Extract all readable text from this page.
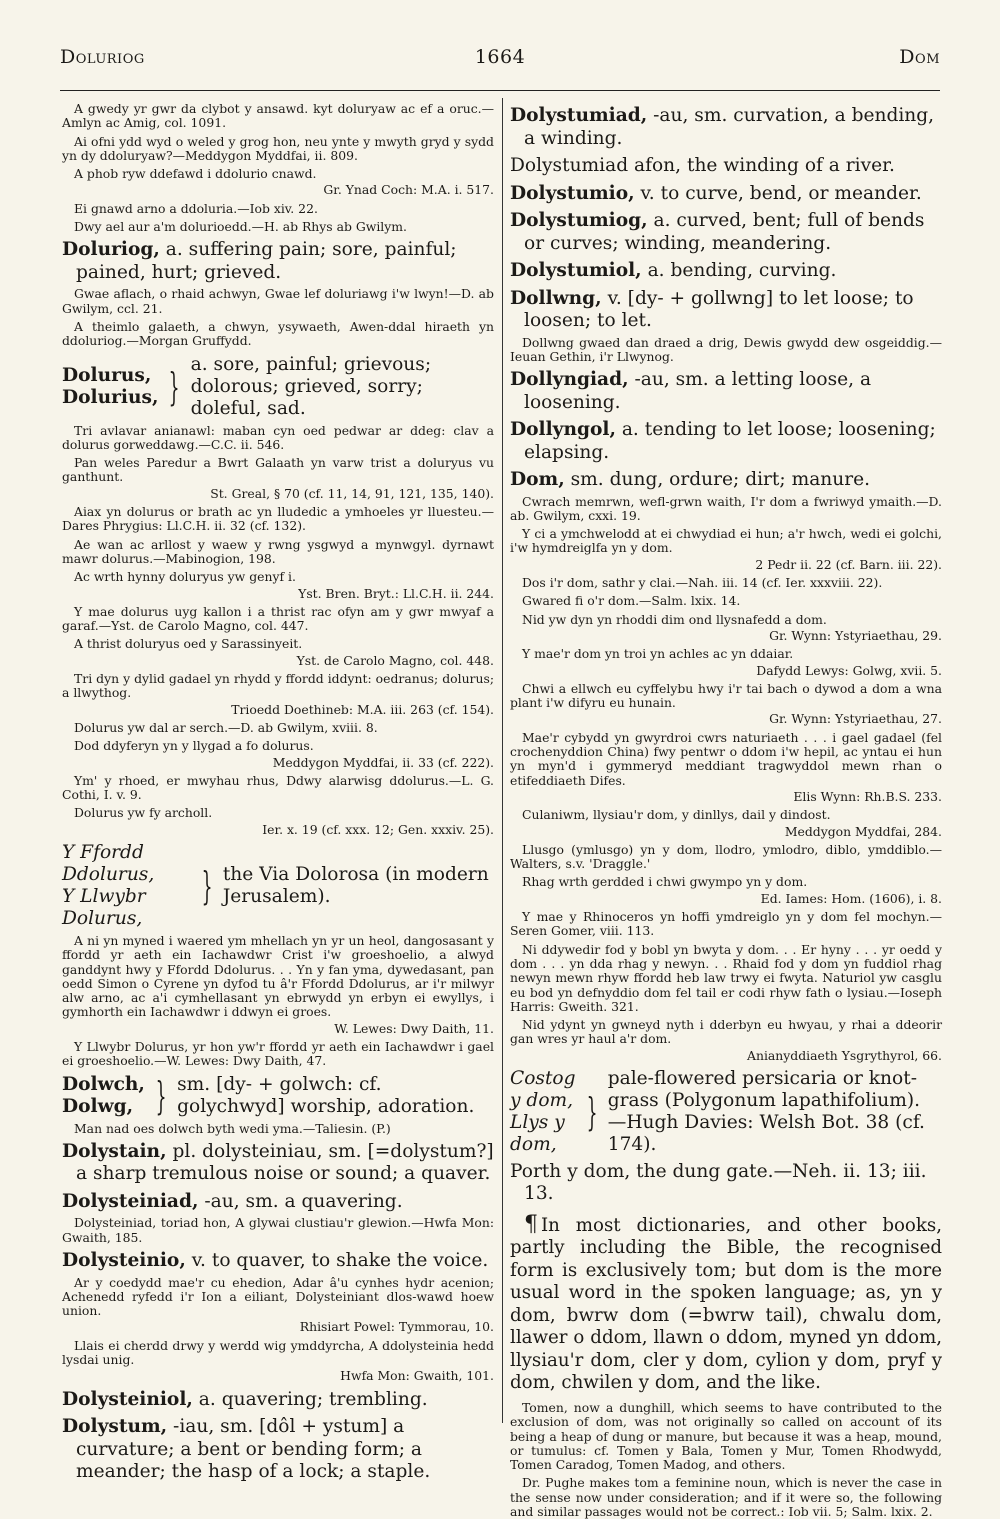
Doluriog	1664	Dom
A gwedy yr gwr da clybot y ansawd. kyt doluryaw ac ef a oruc.—Amlyn ac Amig, col. 1091.
Ai ofni ydd wyd o weled y grog hon, neu ynte y mwyth gryd y sydd yn dy ddoluryaw?—Meddygon Myddfai, ii. 809.
A phob ryw ddefawd i ddolurio cnawd.
Gr. Ynad Coch: M.A. i. 517.
Ei gnawd arno a ddoluria.—Iob xiv. 22.
Dwy ael aur a'm dolurioedd.—H. ab Rhys ab Gwilym.
Doluriog, a. suffering pain; sore, painful; pained, hurt; grieved.
Gwae aflach, o rhaid achwyn, Gwae lef doluriawg i'w lwyn!—D. ab Gwilym, ccl. 21.
A theimlo galaeth, a chwyn, ysywaeth, Awen-ddal hiraeth yn ddoluriog.—Morgan Gruffydd.
Dolurus,
Dolurius, }
a. sore, painful; grievous; dolorous; grieved, sorry; doleful, sad.
Tri avlavar anianawl: maban cyn oed pedwar ar ddeg: clav a dolurus gorweddawg.—C.C. ii. 546.
Pan weles Paredur a Bwrt Galaath yn varw trist a doluryus vu ganthunt.
St. Greal, § 70 (cf. 11, 14, 91, 121, 135, 140).
Aiax yn dolurus or brath ac yn lludedic a ymhoeles yr lluesteu.—Dares Phrygius: Ll.C.H. ii. 32 (cf. 132).
Ae wan ac arllost y waew y rwng ysgwyd a mynwgyl. dyrnawt mawr dolurus.—Mabinogion, 198.
Ac wrth hynny doluryus yw genyf i.
Yst. Bren. Bryt.: Ll.C.H. ii. 244.
Y mae dolurus uyg kallon i a thrist rac ofyn am y gwr mwyaf a garaf.—Yst. de Carolo Magno, col. 447.
A thrist doluryus oed y Sarassinyeit.
Yst. de Carolo Magno, col. 448.
Tri dyn y dylid gadael yn rhydd y ffordd iddynt: oedranus; dolurus; a llwythog.
Trioedd Doethineb: M.A. iii. 263 (cf. 154).
Dolurus yw dal ar serch.—D. ab Gwilym, xviii. 8.
Dod ddyferyn yn y llygad a fo dolurus.
Meddygon Myddfai, ii. 33 (cf. 222).
Ym' y rhoed, er mwyhau rhus, Ddwy alarwisg ddolurus.—L. G. Cothi, I. v. 9.
Dolurus yw fy archoll.
Ier. x. 19 (cf. xxx. 12; Gen. xxxiv. 25).
Y Ffordd Ddolurus,
Y Llwybr Dolurus,
} the Via Dolorosa (in modern Jerusalem).
A ni yn myned i waered ym mhellach yn yr un heol, dangosasant y ffordd yr aeth ein Iachawdwr Crist i'w groeshoelio, a alwyd ganddynt hwy y Ffordd Ddolurus. . . Yn y fan yma, dywedasant, pan oedd Simon o Cyrene yn dyfod tu â'r Ffordd Ddolurus, ar i'r milwyr alw arno, ac a'i cymhellasant yn ebrwydd yn erbyn ei ewyllys, i gymhorth ein Iachawdwr i ddwyn ei groes.
W. Lewes: Dwy Daith, 11.
Y Llwybr Dolurus, yr hon yw'r ffordd yr aeth ein Iachawdwr i gael ei groeshoelio.—W. Lewes: Dwy Daith, 47.
Dolwch,
Dolwg, } sm. [dy- + golwch: cf. golychwyd] worship, adoration.
Man nad oes dolwch byth wedi yma.—Taliesin. (P.)
Dolystain, pl. dolysteiniau, sm. [=dolystum?] a sharp tremulous noise or sound; a quaver.
Dolysteiniad, -au, sm. a quavering.
Dolysteiniad, toriad hon, A glywai clustiau'r glewion.—Hwfa Mon: Gwaith, 185.
Dolysteinio, v. to quaver, to shake the voice.
Ar y coedydd mae'r cu ehedion, Adar â'u cynhes hydr acenion; Achenedd ryfedd i'r Ion a eiliant, Dolysteiniant dlos-wawd hoew union.
Rhisiart Powel: Tymmorau, 10.
Llais ei cherdd drwy y werdd wig ymddyrcha, A ddolysteinia hedd lysdai unig.
Hwfa Mon: Gwaith, 101.
Dolysteiniol, a. quavering; trembling.
Dolystum, -iau, sm. [dôl + ystum] a curvature; a bent or bending form; a meander; the hasp of a lock; a staple.
Dolystumiad, -au, sm. curvation, a bending, a winding.
Dolystumiad afon, the winding of a river.
Dolystumio, v. to curve, bend, or meander.
Dolystumiog, a. curved, bent; full of bends or curves; winding, meandering.
Dolystumiol, a. bending, curving.
Dollwng, v. [dy- + gollwng] to let loose; to loosen; to let.
Dollwng gwaed dan draed a drig, Dewis gwydd dew osgeiddig.—Ieuan Gethin, i'r Llwynog.
Dollyngiad, -au, sm. a letting loose, a loosening.
Dollyngol, a. tending to let loose; loosening; elapsing.
Dom, sm. dung, ordure; dirt; manure.
Cwrach memrwn, wefl-grwn waith, I'r dom a fwriwyd ymaith.—D. ab. Gwilym, cxxi. 19.
Y ci a ymchwelodd at ei chwydiad ei hun; a'r hwch, wedi ei golchi, i'w hymdreiglfa yn y dom.
2 Pedr ii. 22 (cf. Barn. iii. 22).
Dos i'r dom, sathr y clai.—Nah. iii. 14 (cf. Ier. xxxviii. 22).
Gwared fi o'r dom.—Salm. lxix. 14.
Nid yw dyn yn rhoddi dim ond llysnafedd a dom.
Gr. Wynn: Ystyriaethau, 29.
Y mae'r dom yn troi yn achles ac yn ddaiar.
Dafydd Lewys: Golwg, xvii. 5.
Chwi a ellwch eu cyffelybu hwy i'r tai bach o dywod a dom a wna plant i'w difyru eu hunain.
Gr. Wynn: Ystyriaethau, 27.
Mae'r cybydd yn gwyrdroi cwrs naturiaeth . . . i gael gadael (fel crochenyddion China) fwy pentwr o ddom i'w hepil, ac yntau ei hun yn myn'd i gymmeryd meddiant tragwyddol mewn rhan o etifeddiaeth Difes.
Elis Wynn: Rh.B.S. 233.
Culaniwm, llysiau'r dom, y dinllys, dail y dindost.
Meddygon Myddfai, 284.
Llusgo (ymlusgo) yn y dom, llodro, ymlodro, diblo, ymddiblo.—Walters, s.v. 'Draggle.'
Rhag wrth gerdded i chwi gwympo yn y dom.
Ed. Iames: Hom. (1606), i. 8.
Y mae y Rhinoceros yn hoffi ymdreiglo yn y dom fel mochyn.—Seren Gomer, viii. 113.
Ni ddywedir fod y bobl yn bwyta y dom. . . Er hyny . . . yr oedd y dom . . . yn dda rhag y newyn. . . Rhaid fod y dom yn fuddiol rhag newyn mewn rhyw ffordd heb law trwy ei fwyta. Naturiol yw casglu eu bod yn defnyddio dom fel tail er codi rhyw fath o lysiau.—Ioseph Harris: Gweith. 321.
Nid ydynt yn gwneyd nyth i dderbyn eu hwyau, y rhai a ddeorir gan wres yr haul a'r dom.
Anianyddiaeth Ysgrythyrol, 66.
Costog y dom,
Llys y dom,
}
pale-flowered persicaria or knot-grass (Polygonum lapathifolium). —Hugh Davies: Welsh Bot. 38 (cf. 174).
Porth y dom, the dung gate.—Neh. ii. 13; iii. 13.
¶ In most dictionaries, and other books, partly including the Bible, the recognised form is exclusively tom; but dom is the more usual word in the spoken language; as, yn y dom, bwrw dom (=bwrw tail), chwalu dom, llawer o ddom, llawn o ddom, myned yn ddom, llysiau'r dom, cler y dom, cylion y dom, pryf y dom, chwilen y dom, and the like.
Tomen, now a dunghill, which seems to have contributed to the exclusion of dom, was not originally so called on account of its being a heap of dung or manure, but because it was a heap, mound, or tumulus: cf. Tomen y Bala, Tomen y Mur, Tomen Rhodwydd, Tomen Caradog, Tomen Madog, and others.
Dr. Pughe makes tom a feminine noun, which is never the case in the sense now under consideration; and if it were so, the following and similar passages would not be correct.: Iob vii. 5; Salm. lxix. 2.
